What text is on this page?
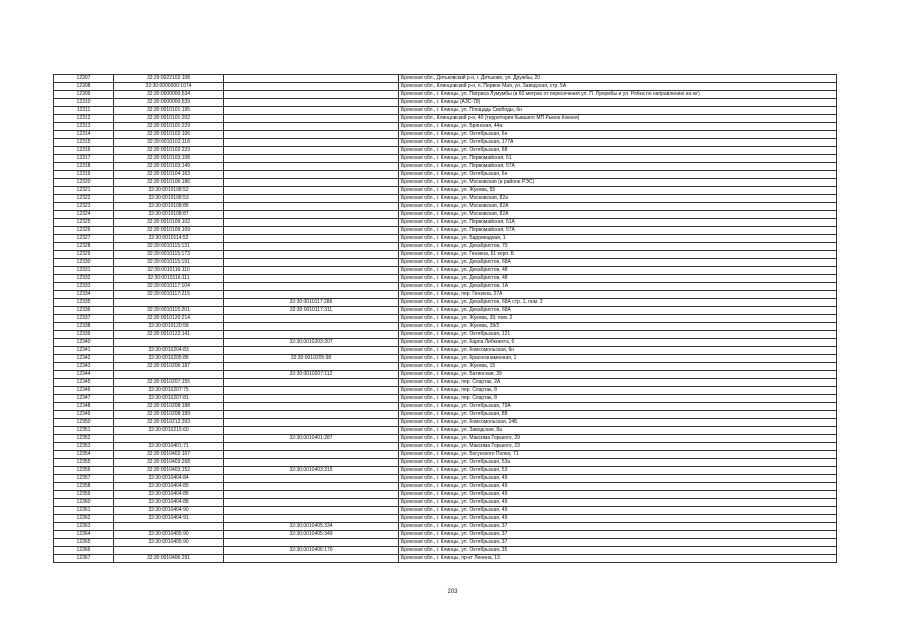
12307	32:29:0022102:108		Брянская обл., Дятьковский р-н, г. Дятьково, ул. Дружбы, 20
12308	32:30:0000000:1074		Брянская обл., Клинцовский р-н, п. Первое Мая, ул. Заводская, стр. 5А
12309	32:30:0000000:534		Брянская обл., г. Клинцы, ул. Патриса Лумумбы (в 60 метрах от пересечения ул. П. Лумумбы и ул. Рябка по направлению на юг)
12310	32:30:0000000:539		Брянская обл., г. Клинцы (АЗС-78)
12311	32:30:0010101:195		Брянская обл., г. Клинцы, ул. Площадь Свободы, 6н
12312	32:30:0010101:202		Брянская обл., Клинцовский р-н, 40 (территория бывшего МП Рынок Кокнея)
12313	32:30:0010101:229		Брянская обл., г. Клинцы, ул. Брянская, 44а
12314	32:30:0010102:106		Брянская обл., г. Клинцы, ул. Октябрьская, 6н
12315	32:30:0010102:118		Брянская обл., г. Клинцы, ул. Октябрьская, 177А
12316	32:30:0010102:223		Брянская обл., г. Клинцы, ул. Октябрьская, 68
12317	32:30:0010103:108		Брянская обл., г. Клинцы, ул. Первомайская, 51
12318	32:30:0010103:149		Брянская обл., г. Клинцы, ул. Первомайская, 57А
12319	32:30:0010104:163		Брянская обл., г. Клинцы, ул. Октябрьская, 6н
12320	32:30:0010106:186		Брянская обл., г. Клинцы, ул. Московская (в районе РЭС)
12321	32:30:0010108:52		Брянская обл., г. Клинцы, ул. Жукова, 55
12322	32:30:0010108:53		Брянская обл., г. Клинцы, ул. Московская, 82а
12323	32:30:0010108:86		Брянская обл., г. Клинцы, ул. Московская, 82А
12324	32:30:0010108:87		Брянская обл., г. Клинцы, ул. Московская, 82А
12325	32:30:0010109:102		Брянская обл., г. Клинцы, ул. Первомайская, 51А
12326	32:30:0010109:109		Брянская обл., г. Клинцы, ул. Первомайская, 57А
12327	32:30:0010114:52		Брянская обл., г. Клинцы, ул. Баррикадная, 1
12328	32:30:0010115:131		Брянская обл., г. Клинцы, ул. Декабристов, 70
12329	32:30:0010115:173		Брянская обл., г. Клинцы, ул. Гензена, 61 корп. Б
12330	32:30:0010115:191		Брянская обл., г. Клинцы, ул. Декабристов, 68А
12331	32:30:0010116:110		Брянская обл., г. Клинцы, ул. Декабристов, 48
12332	32:30:0010116:111		Брянская обл., г. Клинцы, ул. Декабристов, 48
12333	32:30:0010117:104		Брянская обл., г. Клинцы, ул. Декабристов, 1А
12334	32:30:0010117:215		Брянская обл., г. Клинцы, пер. Гензена, 27А
12335		32:30:0010117:286	Брянская обл., г. Клинцы, ул. Декабристов, 68А стр. 1, пом. 2
12336	32:30:0010115:201	32:30:0010117:311	Брянская обл., г. Клинцы, ул. Декабристов, 68А
12337	32:30:0010120:214		Брянская обл., г. Клинцы, ул. Жукова, 39, пом. 2
12338	32:30:0010120:58		Брянская обл., г. Клинцы, ул. Жукова, 39/2
12339	32:30:0010122:141		Брянская обл., г. Клинцы, ул. Октябрьская, 121
12340		32:30:0010203:207	Брянская обл., г. Клинцы, ул. Карла Либкнехта, 6
12341	32:30:0010204:83		Брянская обл., г. Клинцы, ул. Комсомольская, 6н
12342	32:30:0010205:86	32:30:0010205:98	Брянская обл., г. Клинцы, ул. Краснознаменная, 1
12343	32:30:0010206:187		Брянская обл., г. Клинцы, ул. Жукова, 15
12344		32:30:0010207:112	Брянская обл., г. Клинцы, ул. Батинская, 39
12345	32:30:0010207:155		Брянская обл., г. Клинцы, пер. Спартак, 2А
12346	32:30:0010207:75		Брянская обл., г. Клинцы, пер. Спартак, 8
12347	32:30:0010207:81		Брянская обл., г. Клинцы, пер. Спартак, 8
12348	32:30:0010208:188		Брянская обл., г. Клинцы, ул. Октябрьская, 79А
12349	32:30:0010208:189		Брянская обл., г. Клинцы, ул. Октябрьская, 88
12350	32:30:0010212:393		Брянская обл., г. Клинцы, ул. Комсомольская, 24Б
12351	32:30:0010215:60		Брянская обл., г. Клинцы, ул. Заводская, 8а
12352		32:30:0010401:287	Брянская обл., г. Клинцы, ул. Максима Горького, 29
12353	32:30:0010401:71		Брянская обл., г. Клинцы, ул. Максима Горького, 23
12354	32:30:0010402:107		Брянская обл., г. Клинцы, ул. Богунского Полка, 71
12355	32:30:0010403:268		Брянская обл., г. Клинцы, ул. Октябрьская, 53а
12356	32:30:0010403:152	32:30:0010403:316	Брянская обл., г. Клинцы, ул. Октябрьская, 53
12357	32:30:0010404:84		Брянская обл., г. Клинцы, ул. Октябрьская, 49
12358	32:30:0010404:85		Брянская обл., г. Клинцы, ул. Октябрьская, 49
12359	32:30:0010404:86		Брянская обл., г. Клинцы, ул. Октябрьская, 49
12360	32:30:0010404:88		Брянская обл., г. Клинцы, ул. Октябрьская, 49
12361	32:30:0010404:90		Брянская обл., г. Клинцы, ул. Октябрьская, 49
12362	32:30:0010404:91		Брянская обл., г. Клинцы, ул. Октябрьская, 49
12363		32:30:0010405:334	Брянская обл., г. Клинцы, ул. Октябрьская, 37
12364	32:30:0010405:90	32:30:0010405:349	Брянская обл., г. Клинцы, ул. Октябрьская, 37
12365	32:30:0010405:90		Брянская обл., г. Клинцы, ул. Октябрьская, 37
12366		32:30:0010406:170	Брянская обл., г. Клинцы, ул. Октябрьская, 35
12367	32:30:0010406:291		Брянская обл., г. Клинцы, пр-кт Ленина, 13
203
